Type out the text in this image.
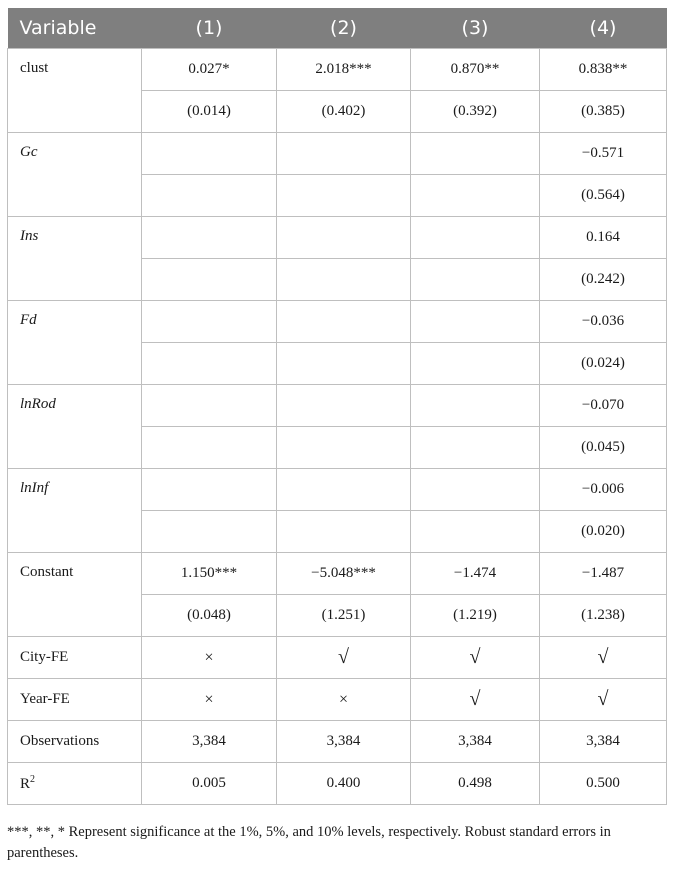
Variable	(1)	(2)	(3)	(4)
clust	0.027*	2.018***	0.870**	0.838**
	(0.014)	(0.402)	(0.392)	(0.385)
Gc				−0.571
				(0.564)
Ins				0.164
				(0.242)
Fd				−0.036
				(0.024)
lnRod				−0.070
				(0.045)
lnInf				−0.006
				(0.020)
Constant	1.150***	−5.048***	−1.474	−1.487
	(0.048)	(1.251)	(1.219)	(1.238)
City-FE	×	√	√	√
Year-FE	×	×	√	√
Observations	3,384	3,384	3,384	3,384
$R^2$	0.005	0.400	0.498	0.500
***, **, * Represent significance at the 1%, 5%, and 10% levels, respectively. Robust standard errors in parentheses.
